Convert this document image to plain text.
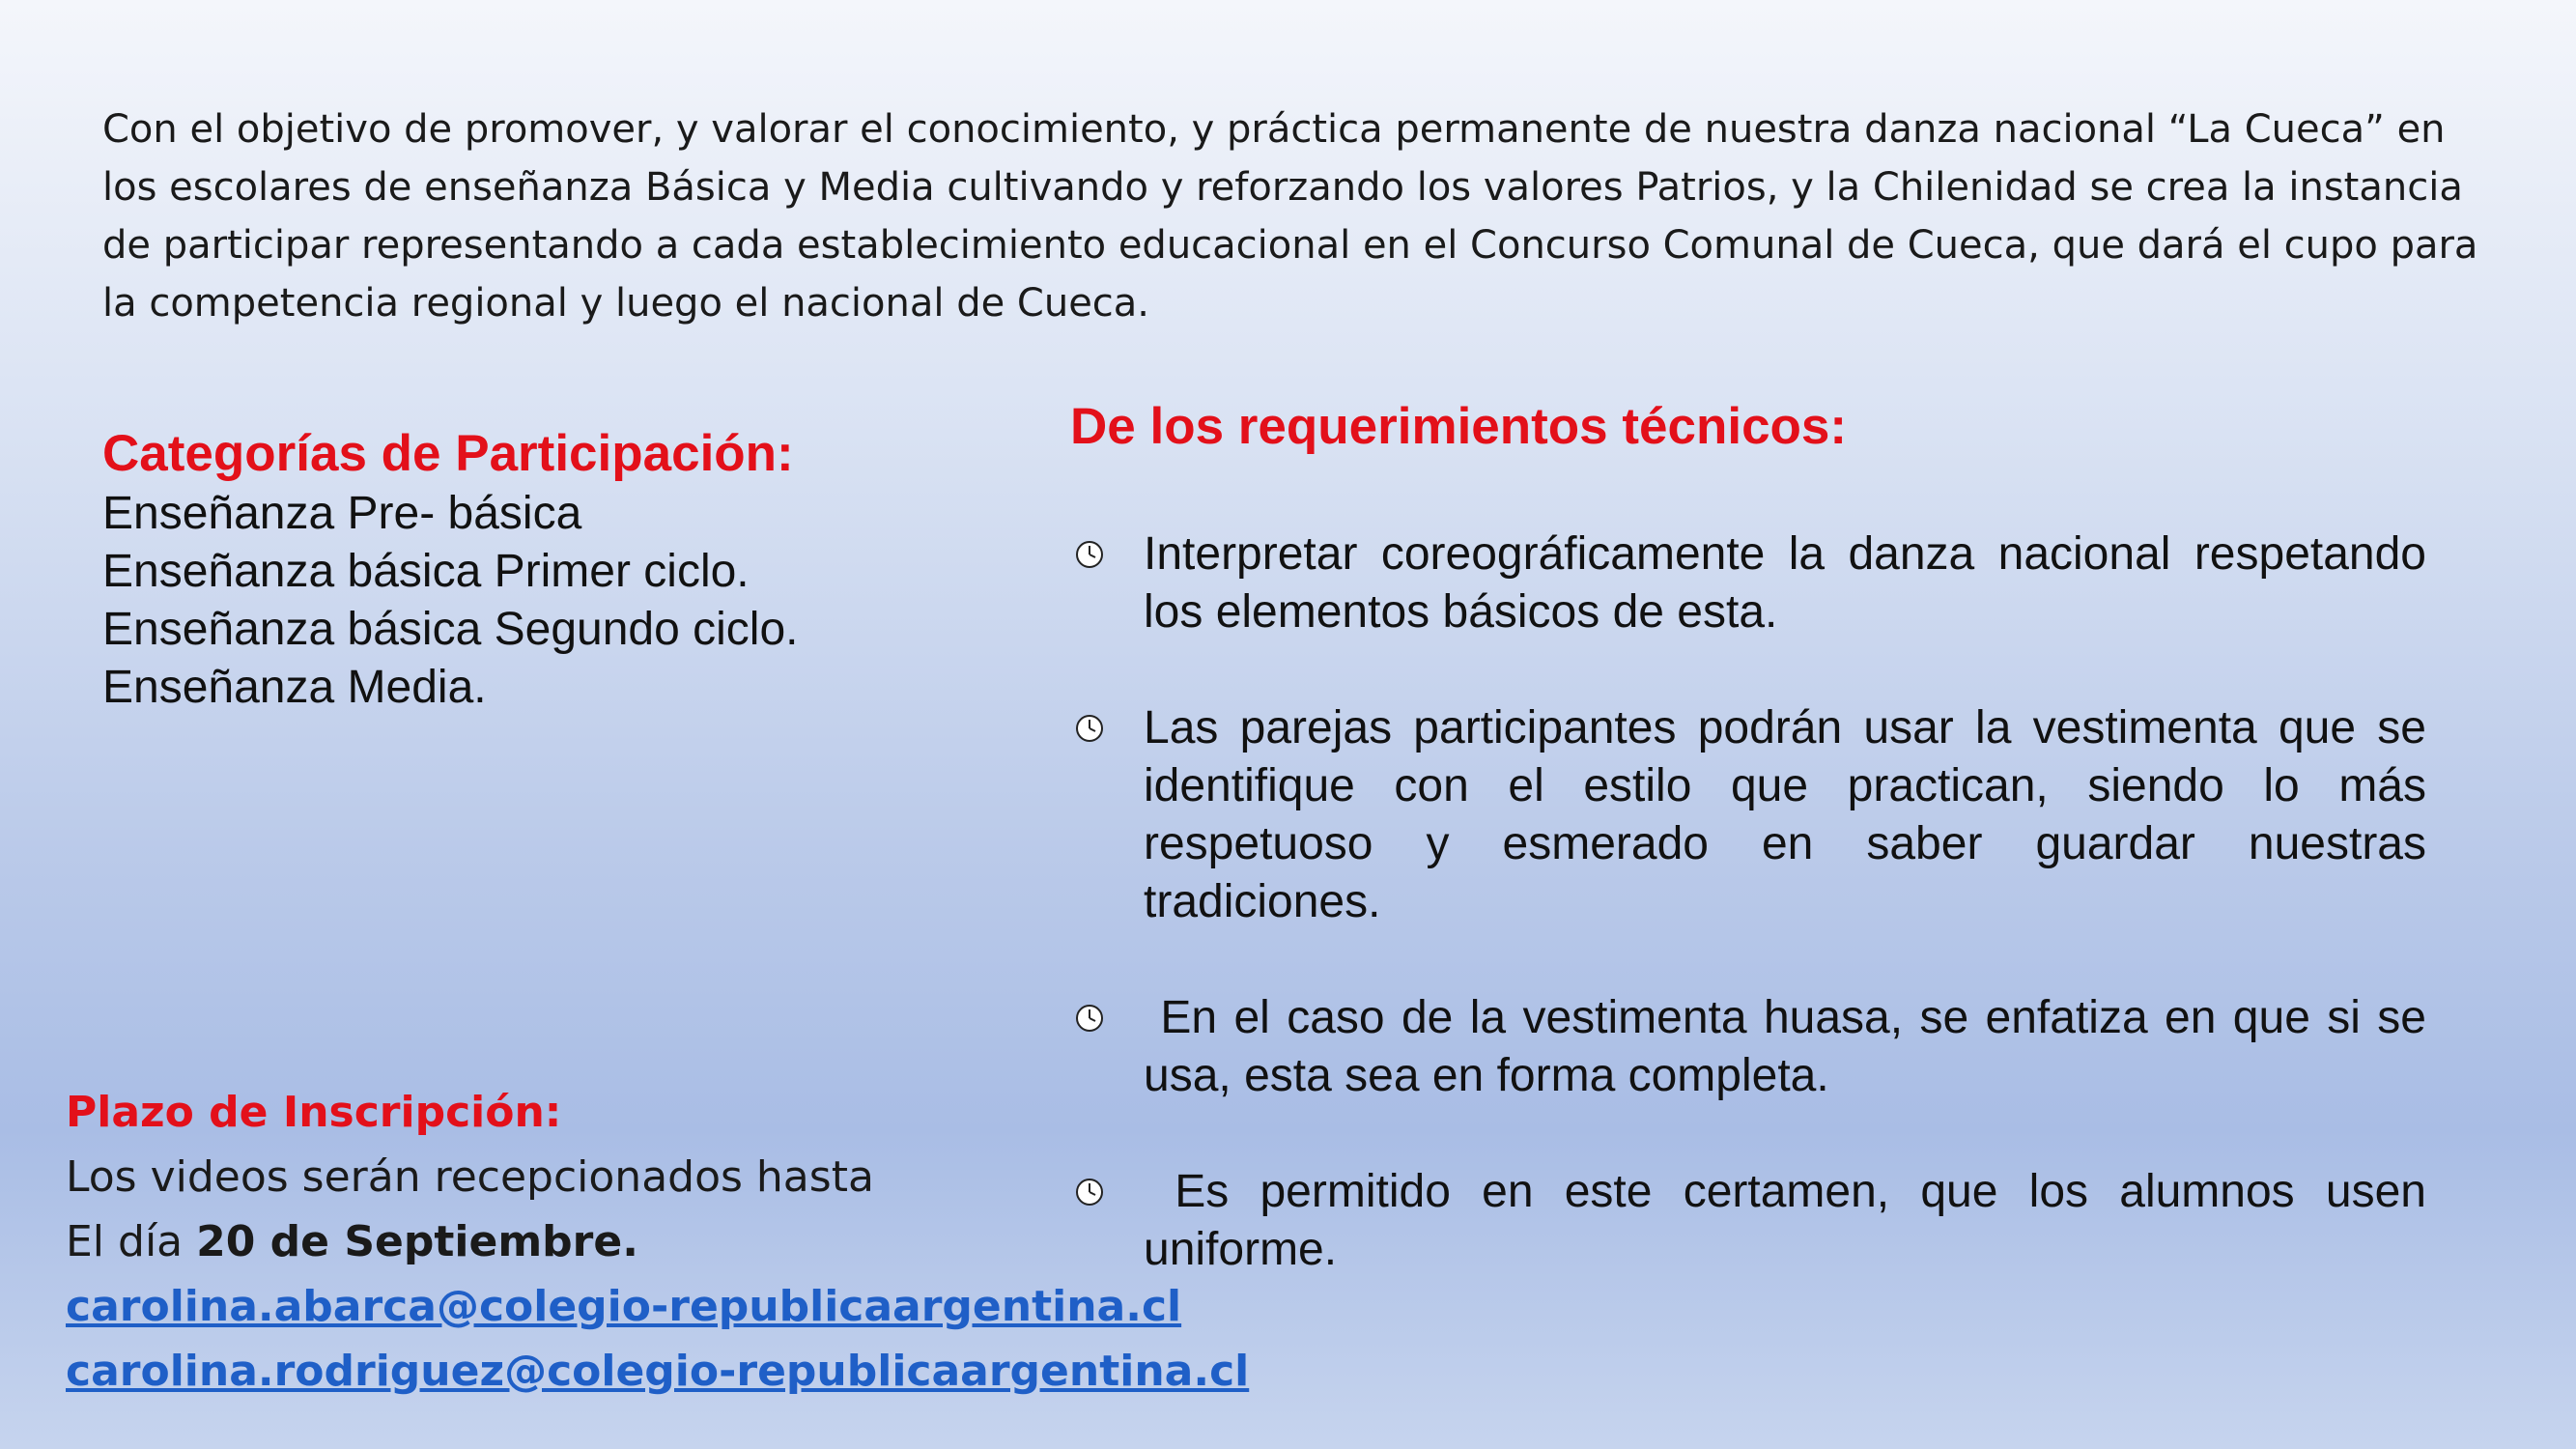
Con el objetivo de promover, y valorar el conocimiento, y práctica permanente de nuestra danza nacional “La Cueca” en los escolares de enseñanza Básica y Media cultivando y reforzando los valores Patrios, y la Chilenidad se crea la instancia de participar representando a cada establecimiento educacional en el Concurso Comunal de Cueca, que dará el cupo para la competencia regional y luego el nacional de Cueca.
Categorías de Participación:
Enseñanza Pre- básica
Enseñanza básica Primer ciclo.
Enseñanza básica Segundo ciclo.
Enseñanza Media.
De los requerimientos técnicos:
Interpretar coreográficamente la danza nacional respetando los elementos básicos de esta.
Las parejas participantes podrán usar la vestimenta que se identifique con el estilo que practican, siendo lo más respetuoso y esmerado en saber guardar nuestras tradiciones.
En el caso de la vestimenta huasa, se enfatiza en que si se usa, esta sea en forma completa.
Es permitido en este certamen, que los alumnos usen uniforme.
Plazo de Inscripción:
Los videos serán recepcionados hasta
El día 20 de Septiembre.
carolina.abarca@colegio-republicaargentina.cl
carolina.rodriguez@colegio-republicaargentina.cl
